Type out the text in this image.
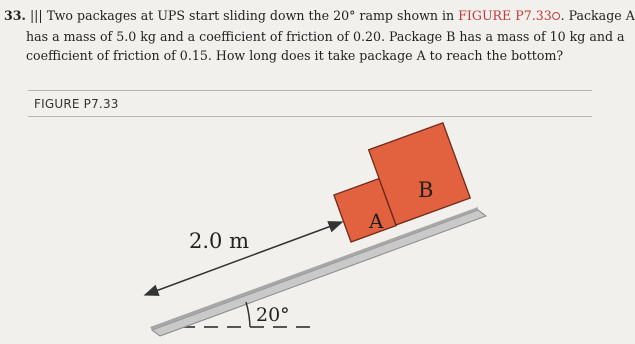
33. ||| Two packages at UPS start sliding down the 20° ramp shown in FIGURE P7.33⭘. Package A
has a mass of 5.0 kg and a coefficient of friction of 0.20. Package B has a mass of 10 kg and a
coefficient of friction of 0.15. How long does it take package A to reach the bottom?
FIGURE P7.33
A
B
2.0 m
20°
